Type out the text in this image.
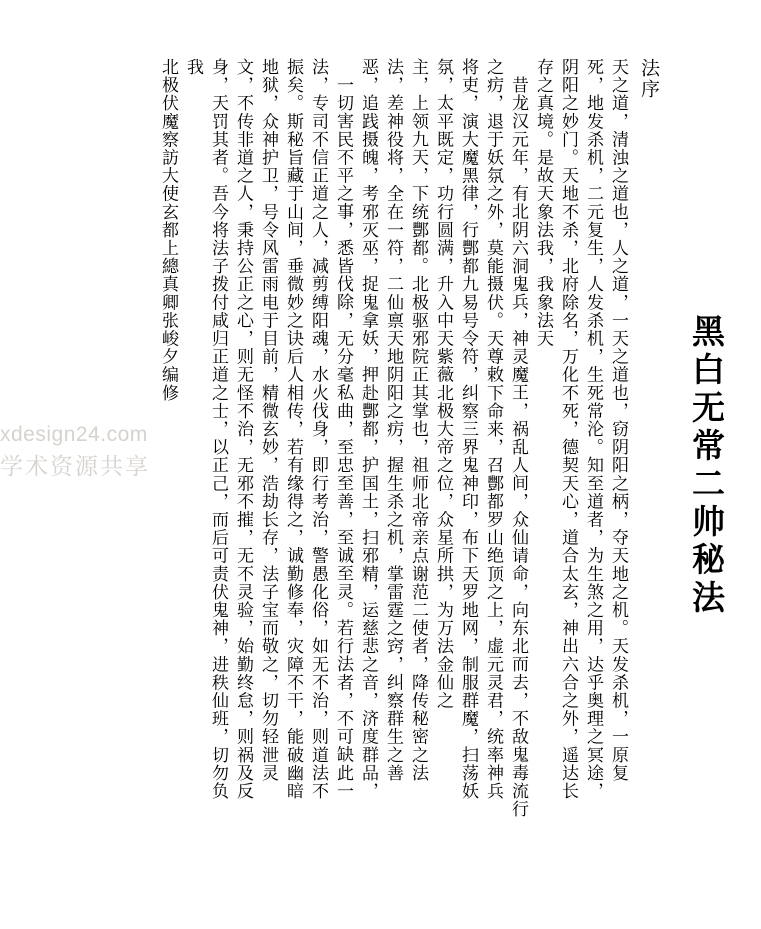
xdesign24.com
学术资源共享	黑白无常二帅秘法
法序
天之道，清浊之道也，人之道，一天之道也，窃阴阳之柄，夺天地之机。天发杀机，一原复
死，地发杀机，二元复生，人发杀机，生死常沦。知至道者，为生煞之用，达乎奥理之冥途，
阴阳之妙门。天地不杀，北府除名，万化不死，德契天心，道合太玄，神出六合之外，遥达长
存之真境。是故天象法我，我象法天
昔龙汉元年，有北阴六洞鬼兵，神灵魔王，祸乱人间，众仙请命，向东北而去，不敌鬼毒流行
之疠，退于妖氛之外，莫能摄伏。天尊敕下命来，召酆都罗山绝顶之上，虚元灵君，统率神兵
将吏，演大魔黑律，行酆都九易号令符，纠察三界鬼神印，布下天罗地网，制服群魔，扫荡妖
氛，太平既定，功行圆满，升入中天紫薇北极大帝之位，众星所拱，为万法金仙之
主，上领九天，下统酆都。北极驱邪院正其掌也，祖师北帝亲点谢范二使者，降传秘密之法
法，差神役将，全在一符，二仙禀天地阴阳之疠，握生杀之机，掌雷霆之窍，纠察群生之善
恶，追践摄魄，考邪灭巫，捉鬼拿妖，押赴酆都，护国土，扫邪精，运慈悲之音，济度群品，
一切害民不平之事，悉皆伐除，无分毫私曲，至忠至善，至诚至灵。若行法者，不可缺此一
法，专司不信正道之人，减剪缚阳魂，水火伐身，即行考治，警愚化俗，如无不治，则道法不
振矣。斯秘旨藏于山间，垂微妙之诀后人相传，若有缘得之，诚勤修奉，灾障不干，能破幽暗
地狱，众神护卫，号令风雷雨电于目前，精微玄妙，浩劫长存，法子宝而敬之，切勿轻泄灵
文，不传非道之人，秉持公正之心，则无怪不治，无邪不摧，无不灵验，始勤终怠，则祸及反
身，天罚其者。吾今将法子拨付咸归正道之士，以正己，而后可责伏鬼神，进秩仙班，切勿负
我
北极伏魔察訪大使玄都上總真卿张峻夕编修
